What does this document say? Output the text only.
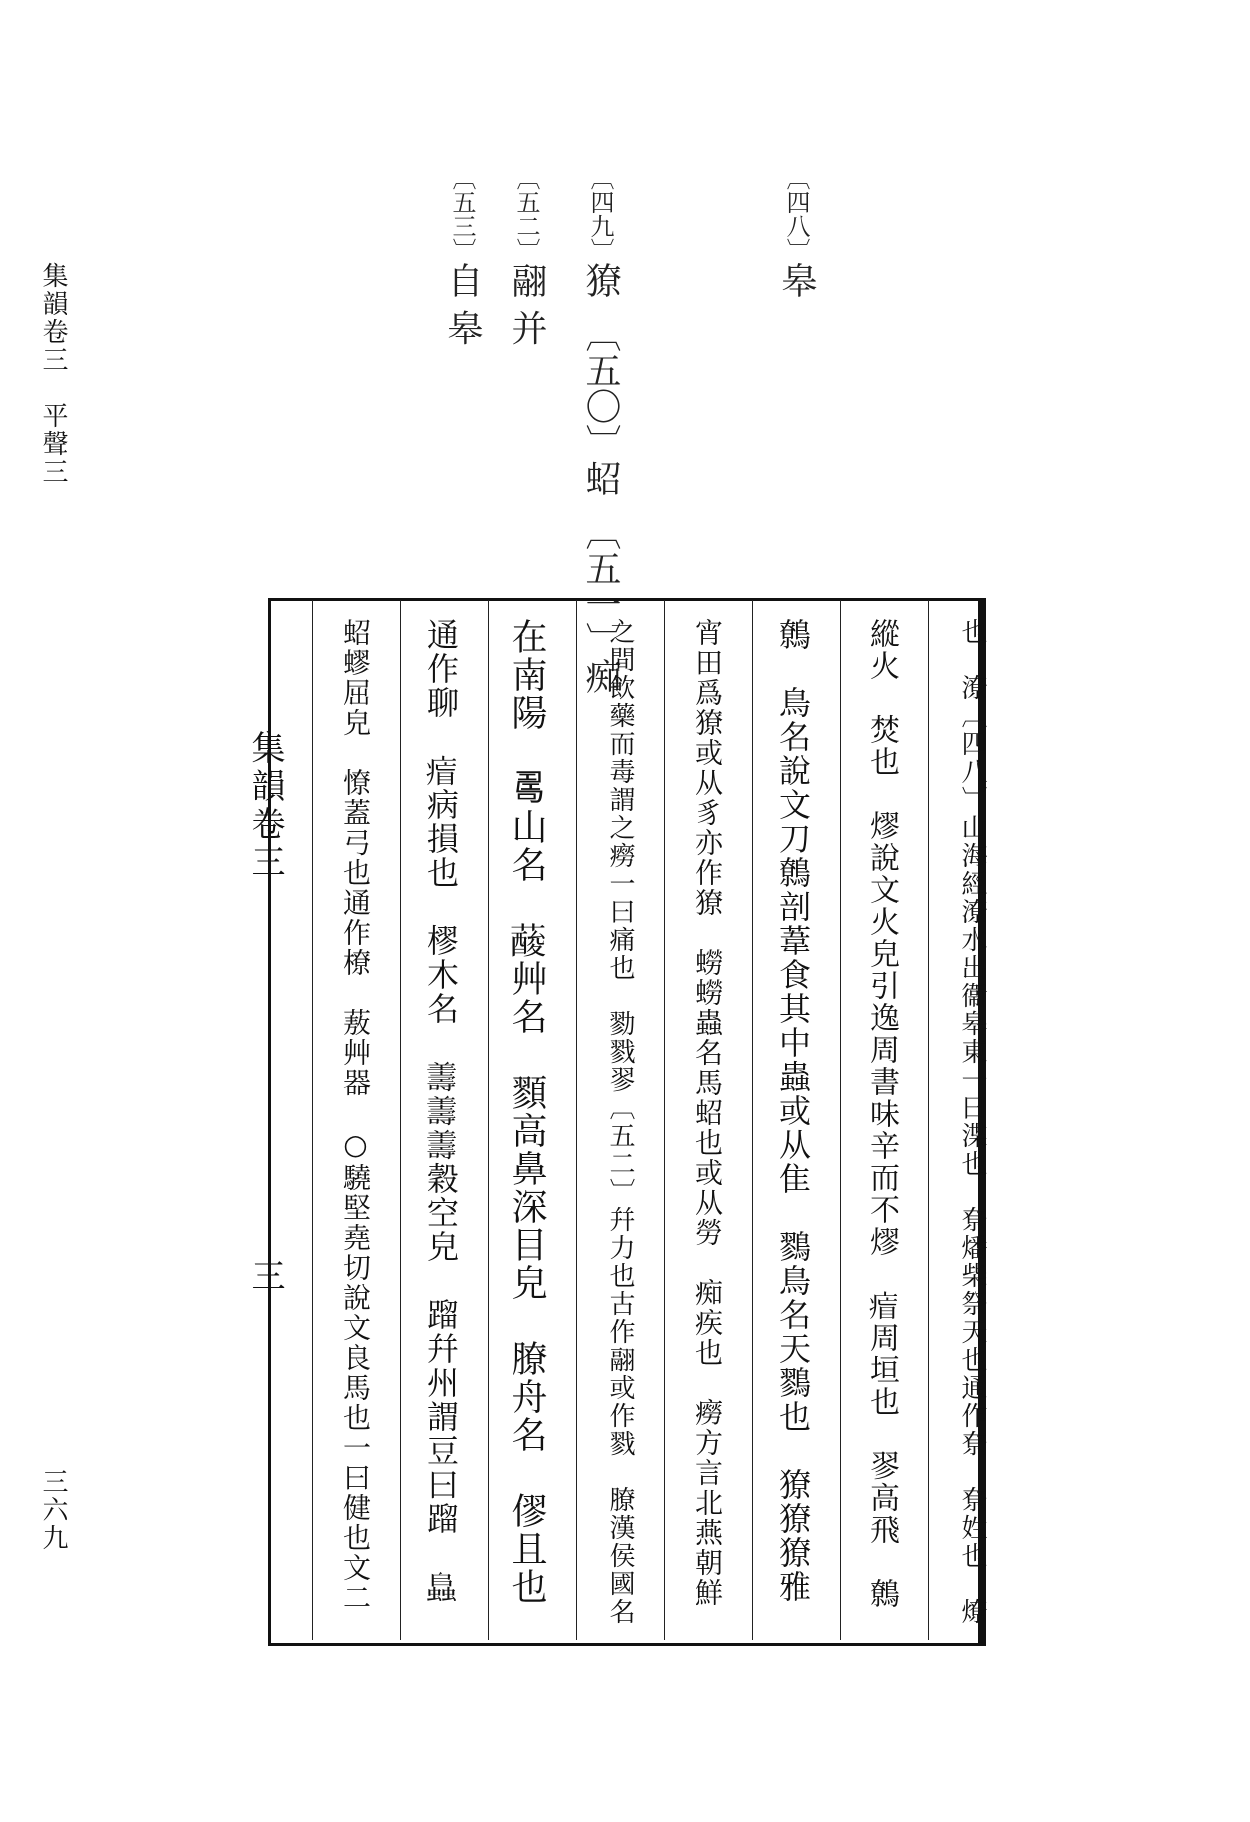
集韻卷三　平聲三
三六九
〔四八〕皋
〔四九〕獠　〔五〇〕蛁　〔五一〕痴
〔五二〕翮 并
〔五三〕自 皋
集韻卷三
三	也　潦〔四八〕山海經潦水出衞皋東一曰渫也　尞燔柴祭天也通作尞　尞姓也　燎
縱火　焚也　熮說文火皃引逸周書味辛而不熮　𤷐周垣也　翏高飛　鷯
鷯　鳥名說文刀鷯剖葦食其中蟲或从隹　鷚鳥名天鷚也　獠獠獠雅
宵田爲獠或从豸亦作獠　蟧蟧蟲名馬蛁也或从勞　痴疾也　癆方言北燕朝鮮
之間飲藥而毒謂之癆一曰痛也　勠戮翏〔五二〕幷力也古作翮或作戮　膫漢侯國名
在南陽　𠷎山名　𦾹艸名　顟高鼻深目皃　膫舟名　僇且也
通作聊　𤷐病損也　樛木名　𦏟𦏟𦏟穀空皃　蹓幷州謂豆曰蹓　𧒂
蛁蟉屈皃　憭蓋弓也通作橑　蔜艸器　○驍堅堯切說文良馬也一曰健也文二
